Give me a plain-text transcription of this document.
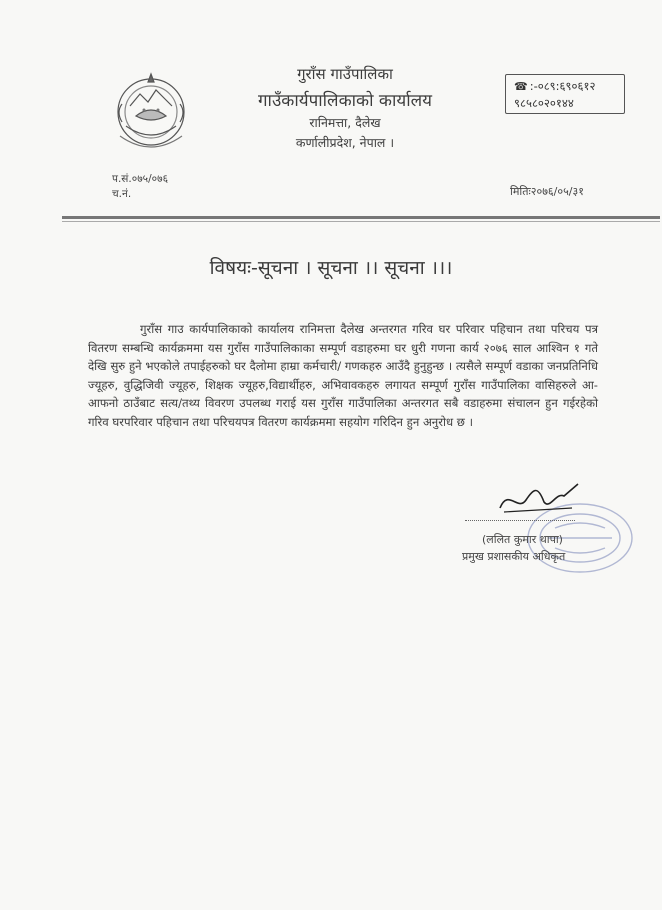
गुराँस गाउँपालिका
गाउँकार्यपालिकाको कार्यालय
रानिमत्ता, दैलेख
कर्णालीप्रदेश, नेपाल ।
☎ :-०८९:६९०६१२
९८५८०२०१४४
प.सं.०७५/०७६
च.नं.	मितिः२०७६/०५/३१
विषयः-सूचना । सूचना ।। सूचना ।।।
गुराँस गाउ कार्यपालिकाको कार्यालय रानिमत्ता दैलेख अन्तरगत गरिव घर परिवार पहिचान तथा परिचय पत्र वितरण सम्बन्धि कार्यक्रममा यस गुराँस गाउँपालिकाका सम्पूर्ण वडाहरुमा घर धुरी गणना कार्य २०७६ साल आश्विन १ गते देखि सुरु हुने भएकोले तपाईहरुको घर दैलोमा हाम्रा कर्मचारी/ गणकहरु आउँदै हुनुहुन्छ । त्यसैले सम्पूर्ण वडाका जनप्रतिनिधि ज्यूहरु, वुद्धिजिवी ज्यूहरु, शिक्षक ज्यूहरु,विद्यार्थीहरु, अभिवावकहरु लगायत सम्पूर्ण गुराँस गाउँपालिका वासिहरुले आ-आफनो ठाउँबाट सत्य/तथ्य विवरण उपलब्ध गराई यस गुराँस गाउँपालिका अन्तरगत सबै वडाहरुमा संचालन हुन गईरहेको गरिव घरपरिवार पहिचान तथा परिचयपत्र वितरण कार्यक्रममा सहयोग गरिदिन हुन अनुरोध छ ।
(ललित कुमार थापा)
प्रमुख प्रशासकीय अधिकृत
